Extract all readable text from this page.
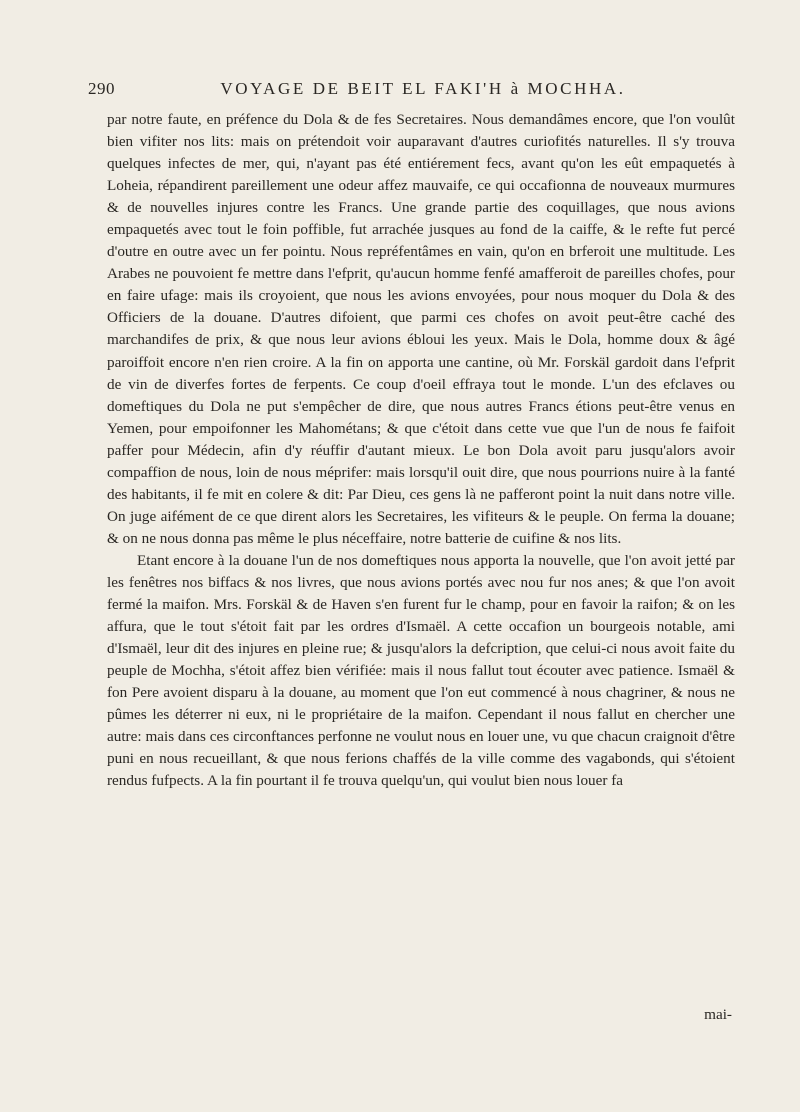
290	VOYAGE DE BEIT EL FAKI'H à MOCHHA.

par notre faute, en préfence du Dola & de fes Secretaires. Nous demandâmes encore, que l'on voulût bien vifiter nos lits: mais on prétendoit voir auparavant d'autres curiofités naturelles. Il s'y trouva quelques infectes de mer, qui, n'ayant pas été entiérement fecs, avant qu'on les eût empaquetés à Loheia, répandirent pareillement une odeur affez mauvaife, ce qui occafionna de nouveaux murmures & de nouvelles injures contre les Francs. Une grande partie des coquillages, que nous avions empaquetés avec tout le foin poffible, fut arrachée jusques au fond de la caiffe, & le refte fut percé d'outre en outre avec un fer pointu. Nous repréfentâmes en vain, qu'on en brferoit une multitude. Les Arabes ne pouvoient fe mettre dans l'efprit, qu'aucun homme fenfé amafferoit de pareilles chofes, pour en faire ufage: mais ils croyoient, que nous les avions envoyées, pour nous moquer du Dola & des Officiers de la douane. D'autres difoient, que parmi ces chofes on avoit peut-être caché des marchandifes de prix, & que nous leur avions ébloui les yeux. Mais le Dola, homme doux & âgé paroiffoit encore n'en rien croire. A la fin on apporta une cantine, où Mr. Forskäl gardoit dans l'efprit de vin de diverfes fortes de ferpents. Ce coup d'oeil effraya tout le monde. L'un des efclaves ou domeftiques du Dola ne put s'empêcher de dire, que nous autres Francs étions peut-être venus en Yemen, pour empoifonner les Mahométans; & que c'étoit dans cette vue que l'un de nous fe faifoit paffer pour Médecin, afin d'y réuffir d'autant mieux. Le bon Dola avoit paru jusqu'alors avoir compaffion de nous, loin de nous méprifer: mais lorsqu'il ouit dire, que nous pourrions nuire à la fanté des habitants, il fe mit en colere & dit: Par Dieu, ces gens là ne pafferont point la nuit dans notre ville. On juge aifément de ce que dirent alors les Secretaires, les vifiteurs & le peuple. On ferma la douane; & on ne nous donna pas même le plus néceffaire, notre batterie de cuifine & nos lits.

Etant encore à la douane l'un de nos domeftiques nous apporta la nouvelle, que l'on avoit jetté par les fenêtres nos biffacs & nos livres, que nous avions portés avec nou fur nos anes; & que l'on avoit fermé la maifon. Mrs. Forskäl & de Haven s'en furent fur le champ, pour en favoir la raifon; & on les affura, que le tout s'étoit fait par les ordres d'Ismaël. A cette occafion un bourgeois notable, ami d'Ismaël, leur dit des injures en pleine rue; & jusqu'alors la defcription, que celui-ci nous avoit faite du peuple de Mochha, s'étoit affez bien vérifiée: mais il nous fallut tout écouter avec patience. Ismaël & fon Pere avoient disparu à la douane, au moment que l'on eut commencé à nous chagriner, & nous ne pûmes les déterrer ni eux, ni le propriétaire de la maifon. Cependant il nous fallut en chercher une autre: mais dans ces circonftances perfonne ne voulut nous en louer une, vu que chacun craignoit d'être puni en nous recueillant, & que nous ferions chaffés de la ville comme des vagabonds, qui s'étoient rendus fufpects. A la fin pourtant il fe trouva quelqu'un, qui voulut bien nous louer fa

mai-
